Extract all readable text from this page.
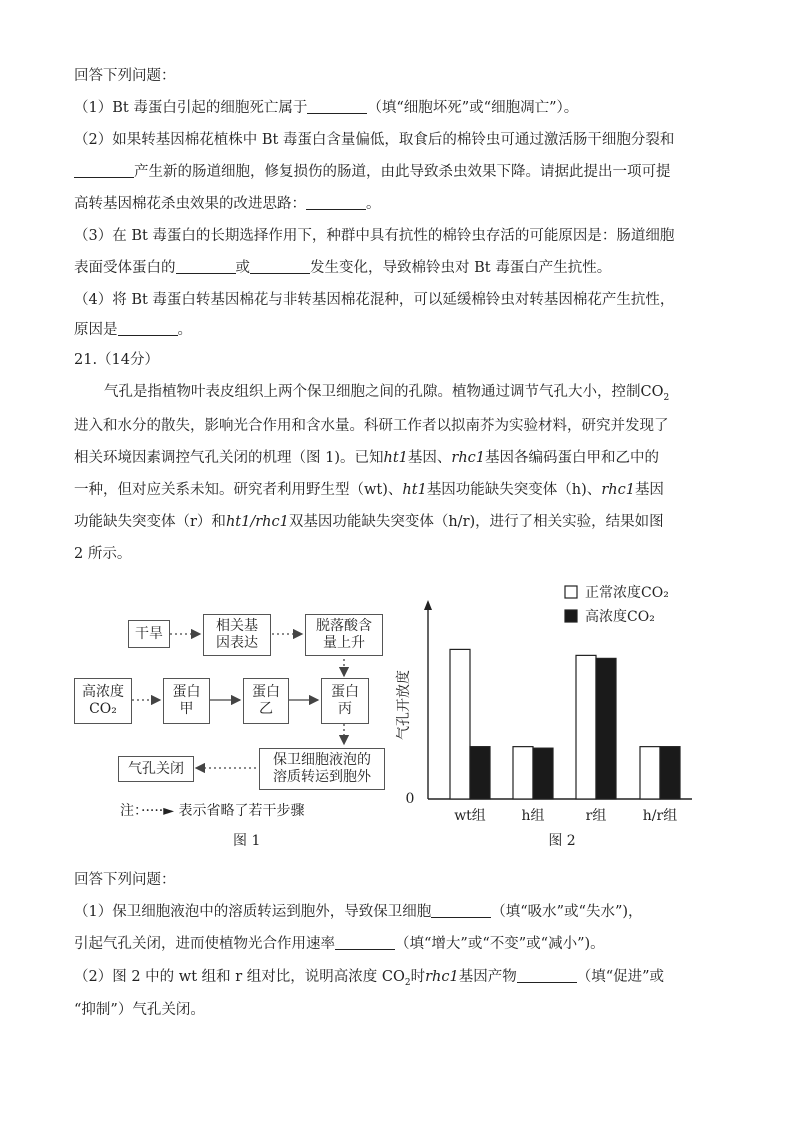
回答下列问题：
（1）Bt 毒蛋白引起的细胞死亡属于	（填“细胞坏死”或“细胞凋亡”）。
（2）如果转基因棉花植株中 Bt 毒蛋白含量偏低，取食后的棉铃虫可通过激活肠干细胞分裂和
产生新的肠道细胞，修复损伤的肠道，由此导致杀虫效果下降。请据此提出一项可提
高转基因棉花杀虫效果的改进思路：	。
（3）在 Bt 毒蛋白的长期选择作用下，种群中具有抗性的棉铃虫存活的可能原因是：肠道细胞
表面受体蛋白的	或	发生变化，导致棉铃虫对 Bt 毒蛋白产生抗性。
（4）将 Bt 毒蛋白转基因棉花与非转基因棉花混种，可以延缓棉铃虫对转基因棉花产生抗性，
原因是	。
21.（14分）
气孔是指植物叶表皮组织上两个保卫细胞之间的孔隙。植物通过调节气孔大小，控制$CO_2$
进入和水分的散失，影响光合作用和含水量。科研工作者以拟南芥为实验材料，研究并发现了
相关环境因素调控气孔关闭的机理（图 1)。已知ht1基因、rhc1基因各编码蛋白甲和乙中的
一种，但对应关系未知。研究者利用野生型（wt)、ht1基因功能缺失突变体（h)、rhc1基因
功能缺失突变体（r）和ht1/rhc1双基因功能缺失突变体（h/r)，进行了相关实验，结果如图
2 所示。
干旱	相关基
因表达
脱落酸含
量上升
高浓度
CO₂
蛋白
甲
蛋白
乙
蛋白
丙
保卫细胞液泡的
溶质转运到胞外
气孔关闭
注：·····► 表示省略了若干步骤
图 1
0
气孔开放度
wt组	h组	r组	h/r组
正常浓度CO₂
高浓度CO₂
图 2
回答下列问题：
（1）保卫细胞液泡中的溶质转运到胞外，导致保卫细胞	（填“吸水”或“失水”)，
引起气孔关闭，进而使植物光合作用速率	（填“增大”或“不变”或“减小”)。
（2）图 2 中的 wt 组和 r 组对比，说明高浓度 $CO_2$时rhc1基因产物	（填“促进”或
“抑制”）气孔关闭。
